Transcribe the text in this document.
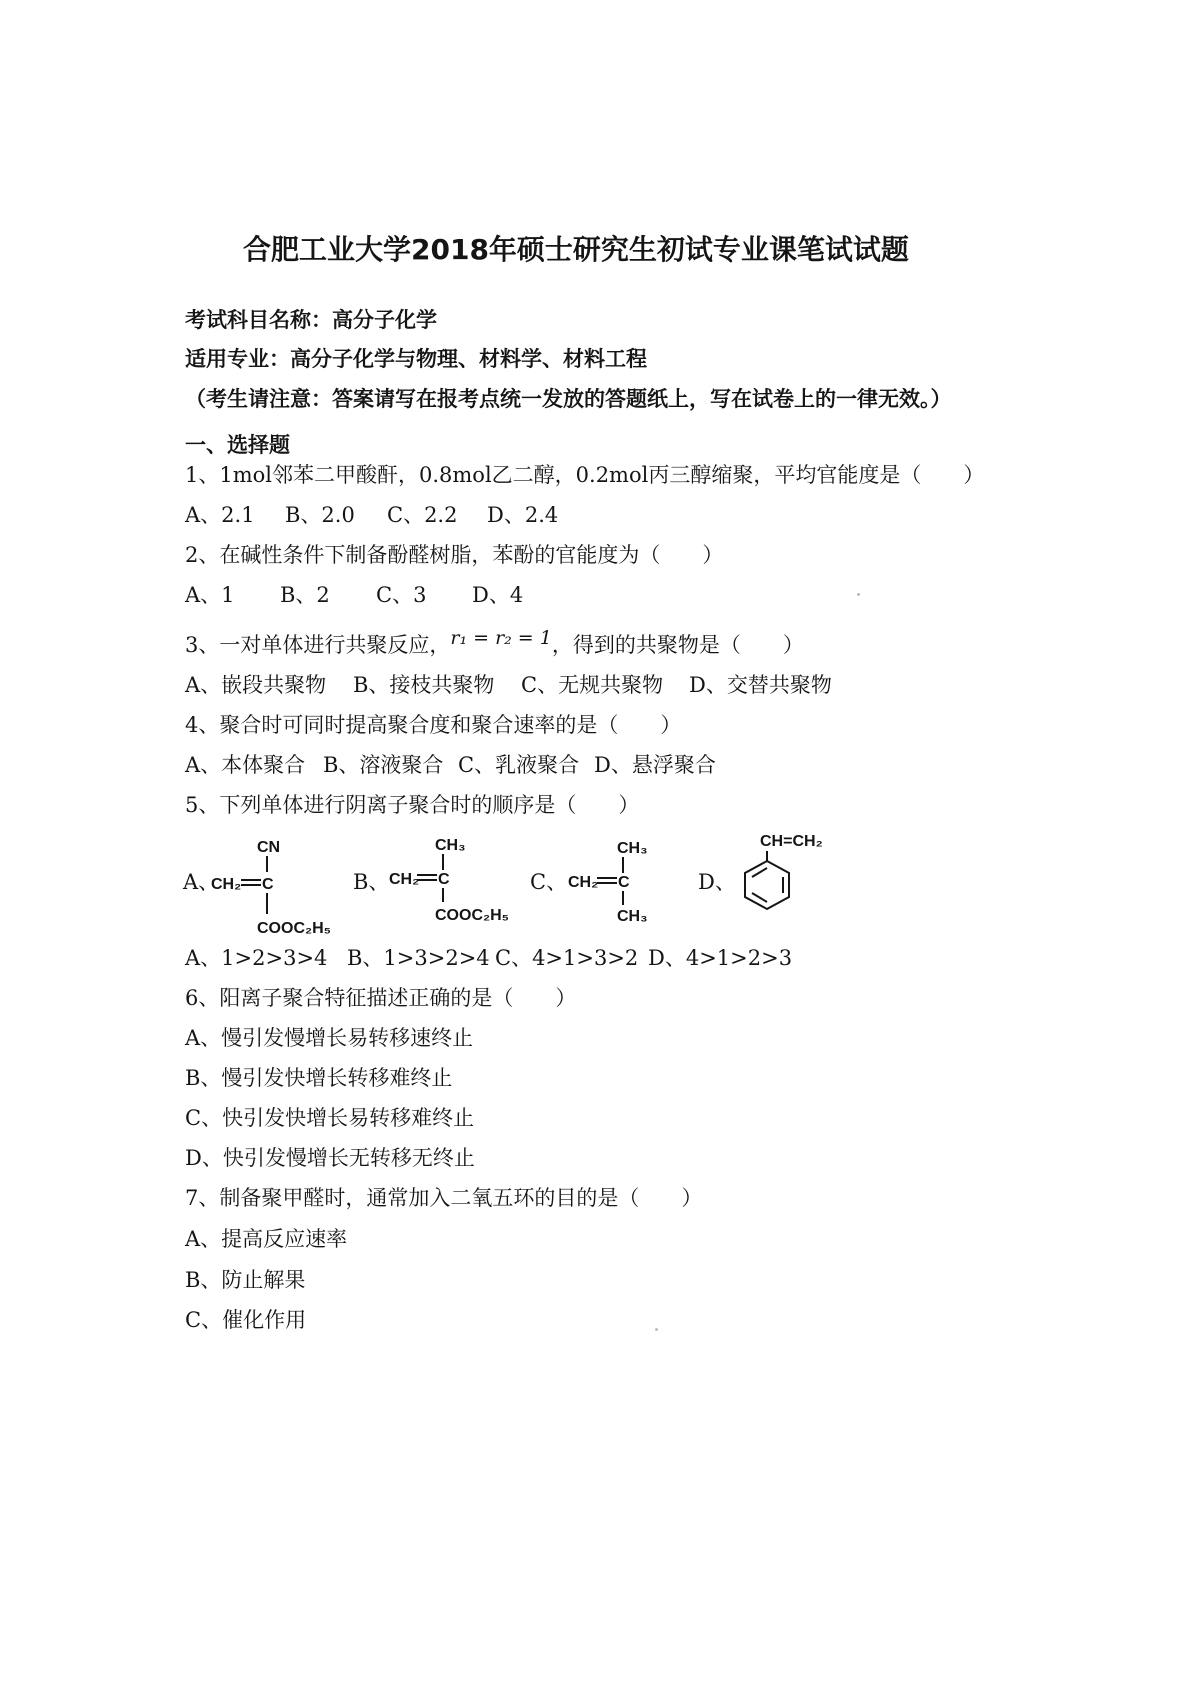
合肥工业大学2018年硕士研究生初试专业课笔试试题
考试科目名称：高分子化学
适用专业：高分子化学与物理、材料学、材料工程
（考生请注意：答案请写在报考点统一发放的答题纸上，写在试卷上的一律无效。）
一、选择题
1、1mol邻苯二甲酸酐，0.8mol乙二醇，0.2mol丙三醇缩聚，平均官能度是（　　）
A、2.1 B、2.0 C、2.2 D、2.4
2、在碱性条件下制备酚醛树脂，苯酚的官能度为（　　）
A、1 B、2 C、3 D、4
3、一对单体进行共聚反应，r₁ = r₂ = 1，得到的共聚物是（　　）
A、嵌段共聚物 B、接枝共聚物 C、无规共聚物 D、交替共聚物
4、聚合时可同时提高聚合度和聚合速率的是（　　）
A、本体聚合 B、溶液聚合 C、乳液聚合 D、悬浮聚合
5、下列单体进行阴离子聚合时的顺序是（　　）
A、	B、	C、	D、
CN
CH₂ C
COOC₂H₅
CH₃
CH₂ C
COOC₂H₅
CH₃
CH₂ C
CH₃
CH=CH₂
A、1>2>3>4 B、1>3>2>4 C、4>1>3>2 D、4>1>2>3
6、阳离子聚合特征描述正确的是（　　）
A、慢引发慢增长易转移速终止
B、慢引发快增长转移难终止
C、快引发快增长易转移难终止
D、快引发慢增长无转移无终止
7、制备聚甲醛时，通常加入二氧五环的目的是（　　）
A、提高反应速率
B、防止解果
C、催化作用
